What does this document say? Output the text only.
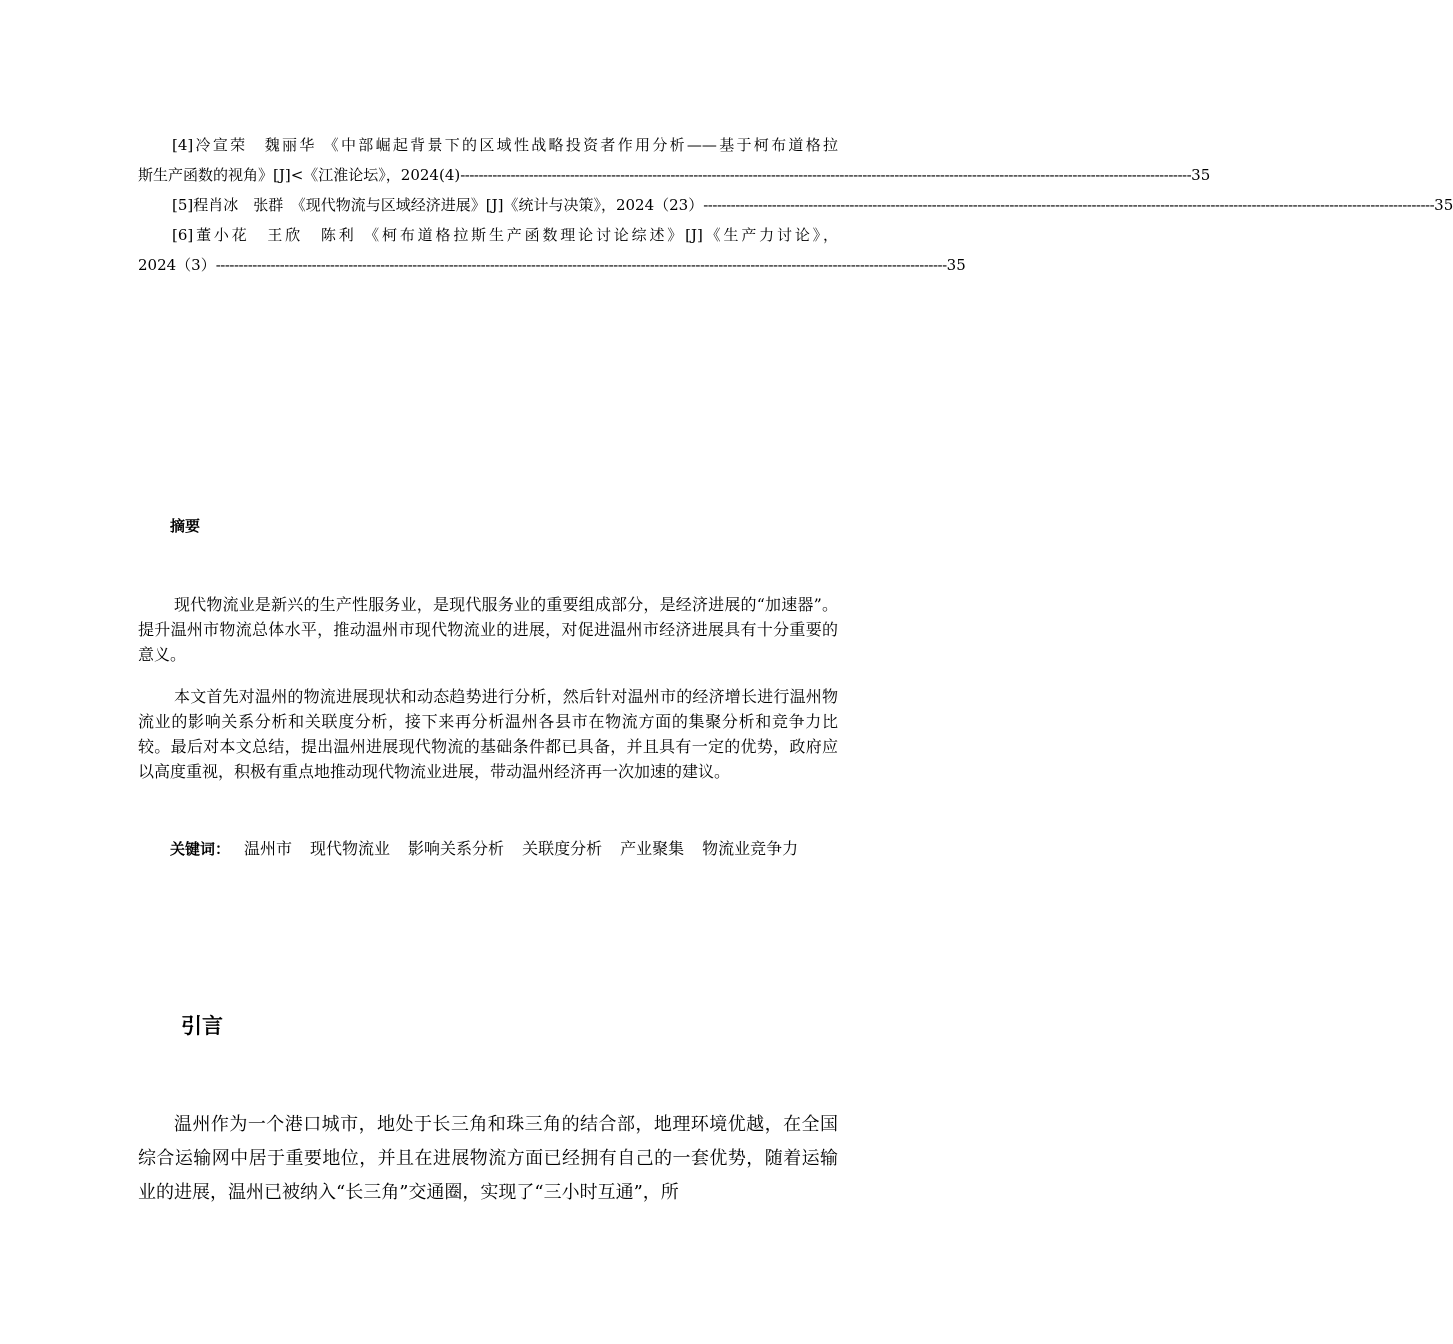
[4]冷宣荣　魏丽华 《中部崛起背景下的区域性战略投资者作用分析——基于柯布道格拉
斯生产函数的视角》[J]<《江淮论坛》，2024(4) ---------------------------------------------------------------------------------------------------------------------------------------------------------------- 35
[5]程肖冰　张群　《现代物流与区域经济进展》[J]《统计与决策》，2024（23） ---------------------------------------------------------------------------------------------------------------------------------------------------------------- 35
[6]董小花　王欣　陈利 《柯布道格拉斯生产函数理论讨论综述》[J]《生产力讨论》，
2024（3） ---------------------------------------------------------------------------------------------------------------------------------------------------------------- 35
摘要

现代物流业是新兴的生产性服务业，是现代服务业的重要组成部分，是经济进展的“加速器”。提升温州市物流总体水平，推动温州市现代物流业的进展，对促进温州市经济进展具有十分重要的意义。

本文首先对温州的物流进展现状和动态趋势进行分析，然后针对温州市的经济增长进行温州物流业的影响关系分析和关联度分析，接下来再分析温州各县市在物流方面的集聚分析和竞争力比较。最后对本文总结，提出温州进展现代物流的基础条件都已具备，并且具有一定的优势，政府应以高度重视，积极有重点地推动现代物流业进展，带动温州经济再一次加速的建议。

关键词： 温州市 现代物流业 影响关系分析 关联度分析 产业聚集 物流业竞争力
引言

温州作为一个港口城市，地处于长三角和珠三角的结合部，地理环境优越，在全国综合运输网中居于重要地位，并且在进展物流方面已经拥有自己的一套优势，随着运输业的进展，温州已被纳入“长三角”交通圈，实现了“三小时互通”，所
